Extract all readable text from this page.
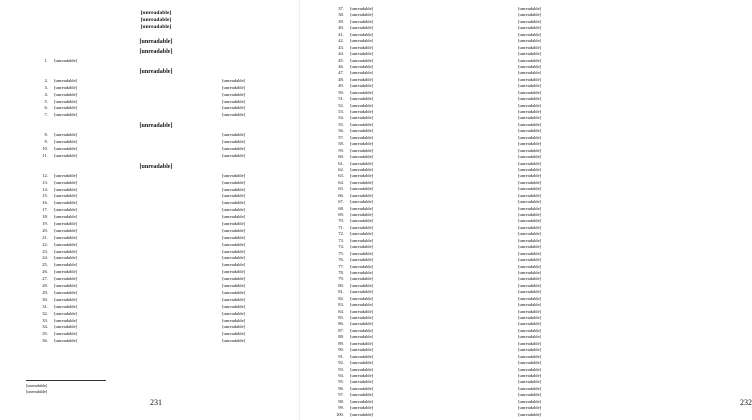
[unreadable]
[unreadable]
[unreadable]
[unreadable]
[unreadable]
1.	[unreadable]
[unreadable]
2.	[unreadable]	[unreadable]
3.	[unreadable]	[unreadable]
4.	[unreadable]	[unreadable]
5.	[unreadable]	[unreadable]
6.	[unreadable]	[unreadable]
7.	[unreadable]	[unreadable]
[unreadable]
8.	[unreadable]	[unreadable]
9.	[unreadable]	[unreadable]
10.	[unreadable]	[unreadable]
11.	[unreadable]	[unreadable]
[unreadable]
12.	[unreadable]	[unreadable]
13.	[unreadable]	[unreadable]
14.	[unreadable]	[unreadable]
15.	[unreadable]	[unreadable]
16.	[unreadable]	[unreadable]
17.	[unreadable]	[unreadable]
18.	[unreadable]	[unreadable]
19.	[unreadable]	[unreadable]
20.	[unreadable]	[unreadable]
21.	[unreadable]	[unreadable]
22.	[unreadable]	[unreadable]
23.	[unreadable]	[unreadable]
24.	[unreadable]	[unreadable]
25.	[unreadable]	[unreadable]
26.	[unreadable]	[unreadable]
27.	[unreadable]	[unreadable]
28.	[unreadable]	[unreadable]
29.	[unreadable]	[unreadable]
30.	[unreadable]	[unreadable]
31.	[unreadable]	[unreadable]
32.	[unreadable]	[unreadable]
33.	[unreadable]	[unreadable]
34.	[unreadable]	[unreadable]
35.	[unreadable]	[unreadable]
36.	[unreadable]	[unreadable]
[unreadable]
[unreadable]
231
37.	[unreadable]	[unreadable]
38.	[unreadable]	[unreadable]
39.	[unreadable]	[unreadable]
40.	[unreadable]	[unreadable]
41.	[unreadable]	[unreadable]
42.	[unreadable]	[unreadable]
43.	[unreadable]	[unreadable]
44.	[unreadable]	[unreadable]
45.	[unreadable]	[unreadable]
46.	[unreadable]	[unreadable]
47.	[unreadable]	[unreadable]
48.	[unreadable]	[unreadable]
49.	[unreadable]	[unreadable]
50.	[unreadable]	[unreadable]
51.	[unreadable]	[unreadable]
52.	[unreadable]	[unreadable]
53.	[unreadable]	[unreadable]
54.	[unreadable]	[unreadable]
55.	[unreadable]	[unreadable]
56.	[unreadable]	[unreadable]
57.	[unreadable]	[unreadable]
58.	[unreadable]	[unreadable]
59.	[unreadable]	[unreadable]
60.	[unreadable]	[unreadable]
61.	[unreadable]	[unreadable]
62.	[unreadable]	[unreadable]
63.	[unreadable]	[unreadable]
64.	[unreadable]	[unreadable]
65.	[unreadable]	[unreadable]
66.	[unreadable]	[unreadable]
67.	[unreadable]	[unreadable]
68.	[unreadable]	[unreadable]
69.	[unreadable]	[unreadable]
70.	[unreadable]	[unreadable]
71.	[unreadable]	[unreadable]
72.	[unreadable]	[unreadable]
73.	[unreadable]	[unreadable]
74.	[unreadable]	[unreadable]
75.	[unreadable]	[unreadable]
76.	[unreadable]	[unreadable]
77.	[unreadable]	[unreadable]
78.	[unreadable]	[unreadable]
79.	[unreadable]	[unreadable]
80.	[unreadable]	[unreadable]
81.	[unreadable]	[unreadable]
82.	[unreadable]	[unreadable]
83.	[unreadable]	[unreadable]
84.	[unreadable]	[unreadable]
85.	[unreadable]	[unreadable]
86.	[unreadable]	[unreadable]
87.	[unreadable]	[unreadable]
88.	[unreadable]	[unreadable]
89.	[unreadable]	[unreadable]
90.	[unreadable]	[unreadable]
91.	[unreadable]	[unreadable]
92.	[unreadable]	[unreadable]
93.	[unreadable]	[unreadable]
94.	[unreadable]	[unreadable]
95.	[unreadable]	[unreadable]
96.	[unreadable]	[unreadable]
97.	[unreadable]	[unreadable]
98.	[unreadable]	[unreadable]
99.	[unreadable]	[unreadable]
100.	[unreadable]	[unreadable]
232
